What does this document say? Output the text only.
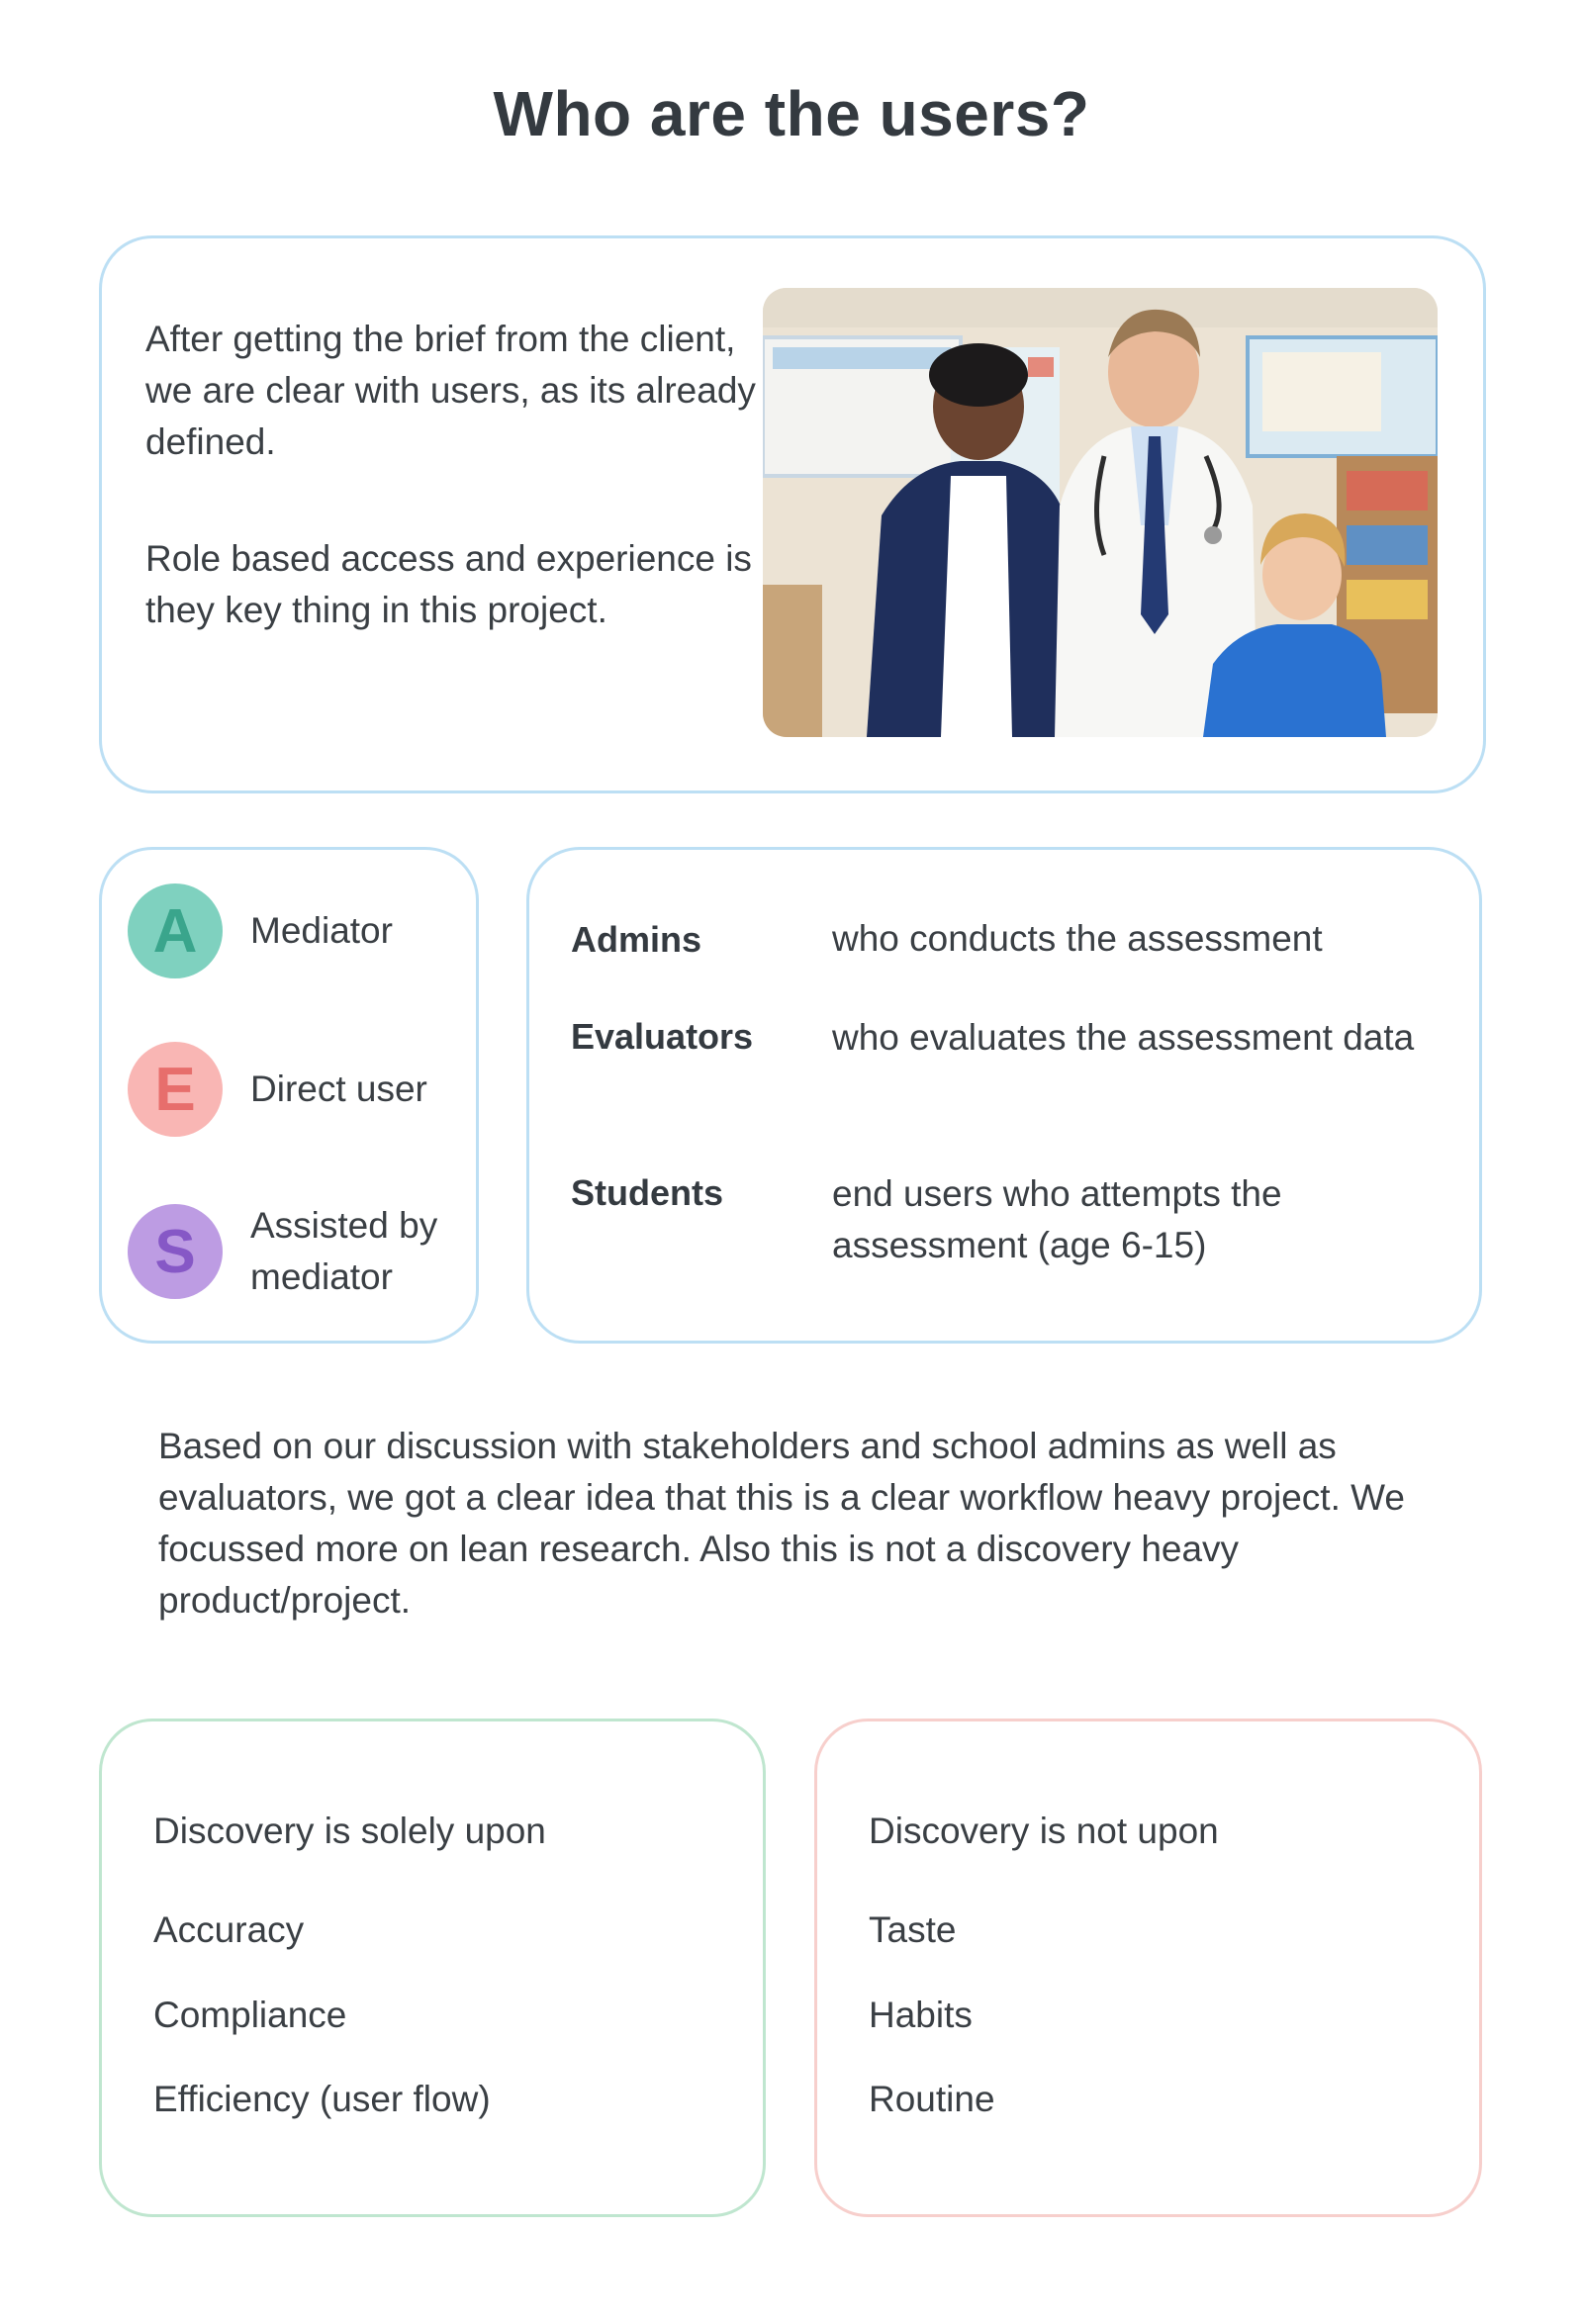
Who are the users?

After getting the brief from the client, we are clear with users, as its already defined.

Role based access and experience is they key thing in this project.

A Mediator
E Direct user
S Assisted by mediator
Admins	who conducts the assessment
Evaluators who evaluates the assessment data
Students	end users who attempts the assessment (age 6-15)

Based on our discussion with stakeholders and school admins as well as evaluators, we got a clear idea that this is a clear workflow heavy project. We focussed more on lean research. Also this is not a discovery heavy product/project.

Discovery is solely upon
Accuracy
Compliance
Efficiency (user flow)
Discovery is not upon
Taste
Habits
Routine
